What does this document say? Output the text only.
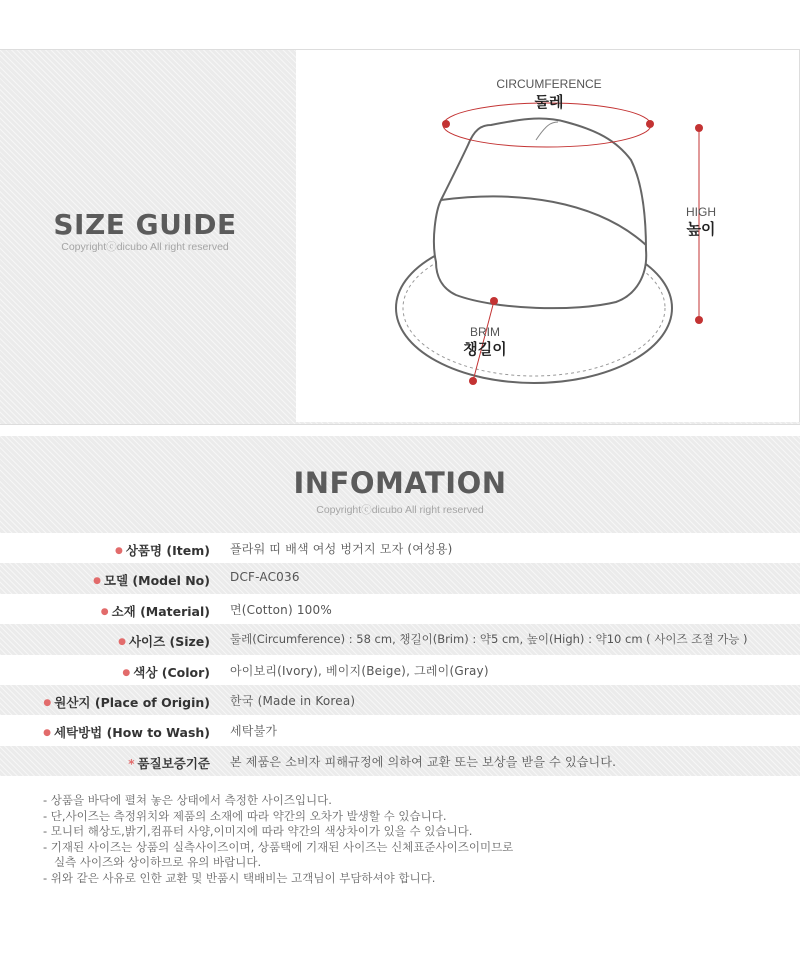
SIZE GUIDE
Copyrightⓒdicubo All right reserved
CIRCUMFERENCE
둘레
HIGH
높이
BRIM
챙길이
INFOMATION
Copyrightⓒdicubo All right reserved
● 상품명 (Item) 플라워 띠 배색 여성 벙거지 모자 (여성용)
● 모델 (Model No) DCF-AC036
● 소재 (Material) 면(Cotton) 100%
● 사이즈 (Size) 둘레(Circumference) : 58 cm, 챙길이(Brim) : 약5 cm, 높이(High) : 약10 cm ( 사이즈 조절 가능 )
● 색상 (Color) 아이보리(Ivory), 베이지(Beige), 그레이(Gray)
● 원산지 (Place of Origin) 한국 (Made in Korea)
● 세탁방법 (How to Wash) 세탁불가
* 품질보증기준 본 제품은 소비자 피해규정에 의하여 교환 또는 보상을 받을 수 있습니다.
- 상품을 바닥에 펼쳐 놓은 상태에서 측정한 사이즈입니다.
- 단,사이즈는 측정위치와 제품의 소재에 따라 약간의 오차가 발생할 수 있습니다.
- 모니터 해상도,밝기,컴퓨터 사양,이미지에 따라 약간의 색상차이가 있을 수 있습니다.
- 기재된 사이즈는 상품의 실측사이즈이며, 상품택에 기재된 사이즈는 신체표준사이즈이미므로
실측 사이즈와 상이하므로 유의 바랍니다.
- 위와 같은 사유로 인한 교환 및 반품시 택배비는 고객님이 부담하셔야 합니다.
